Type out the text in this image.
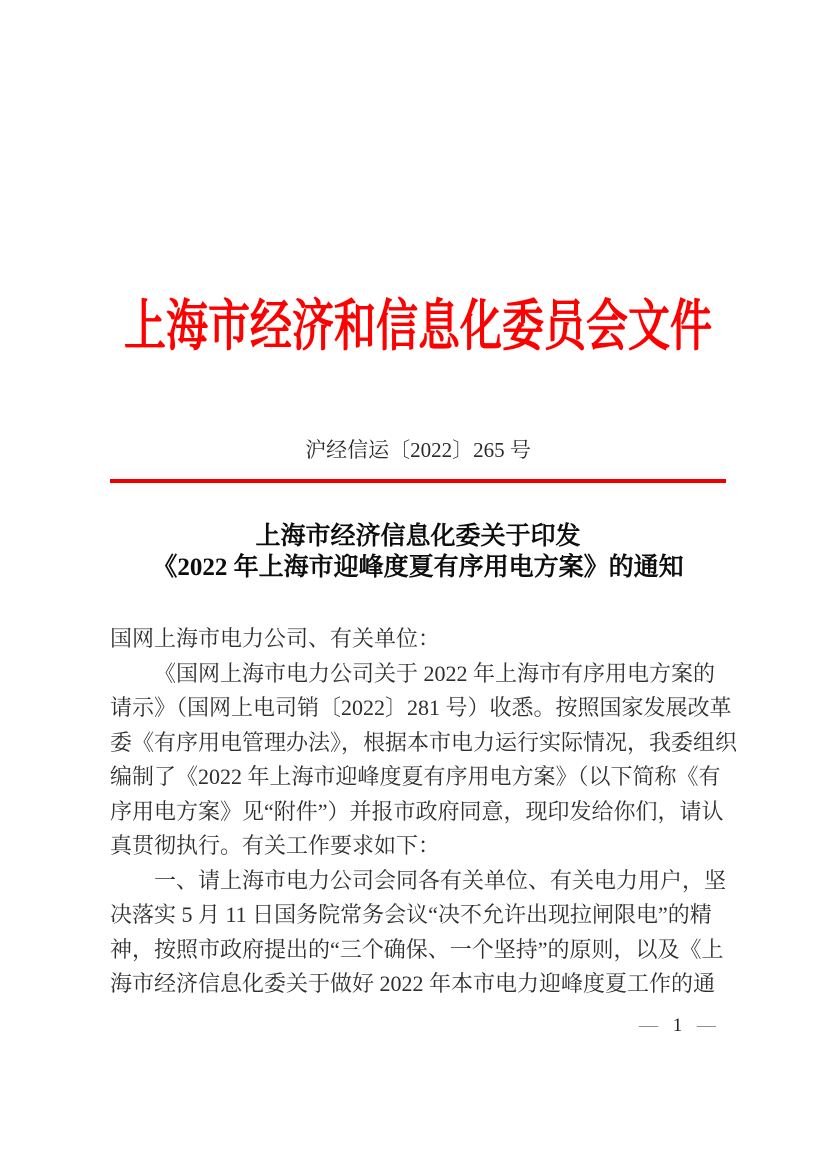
上海市经济和信息化委员会文件
沪经信运〔2022〕265 号
上海市经济信息化委关于印发
《2022 年上海市迎峰度夏有序用电方案》的通知
国网上海市电力公司、有关单位：
《国网上海市电力公司关于 2022 年上海市有序用电方案的
请示》（国网上电司销〔2022〕281 号）收悉。按照国家发展改革
委《有序用电管理办法》，根据本市电力运行实际情况，我委组织
编制了《2022 年上海市迎峰度夏有序用电方案》（以下简称《有
序用电方案》见“附件”）并报市政府同意，现印发给你们，请认
真贯彻执行。有关工作要求如下：
一、请上海市电力公司会同各有关单位、有关电力用户，坚
决落实 5 月 11 日国务院常务会议“决不允许出现拉闸限电”的精
神，按照市政府提出的“三个确保、一个坚持”的原则，以及《上
海市经济信息化委关于做好 2022 年本市电力迎峰度夏工作的通
— 1 —
